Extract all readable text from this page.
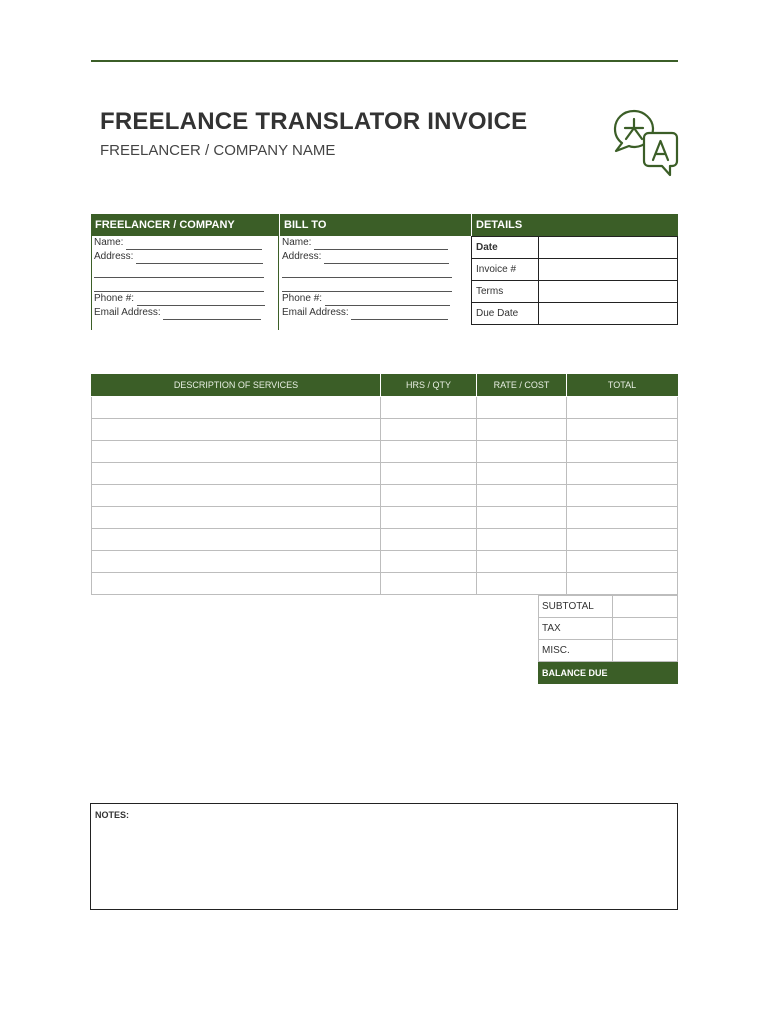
FREELANCE TRANSLATOR INVOICE
FREELANCER / COMPANY NAME
FREELANCER / COMPANY	BILL TO	DETAILS
Name:
Address:
Phone #:
Email Address:
Name:
Address:
Phone #:
Email Address:
Date	
Invoice #	
Terms	
Due Date	
DESCRIPTION OF SERVICES	HRS / QTY	RATE / COST	TOTAL

SUBTOTAL	
TAX	
MISC.	
BALANCE DUE	
NOTES:
